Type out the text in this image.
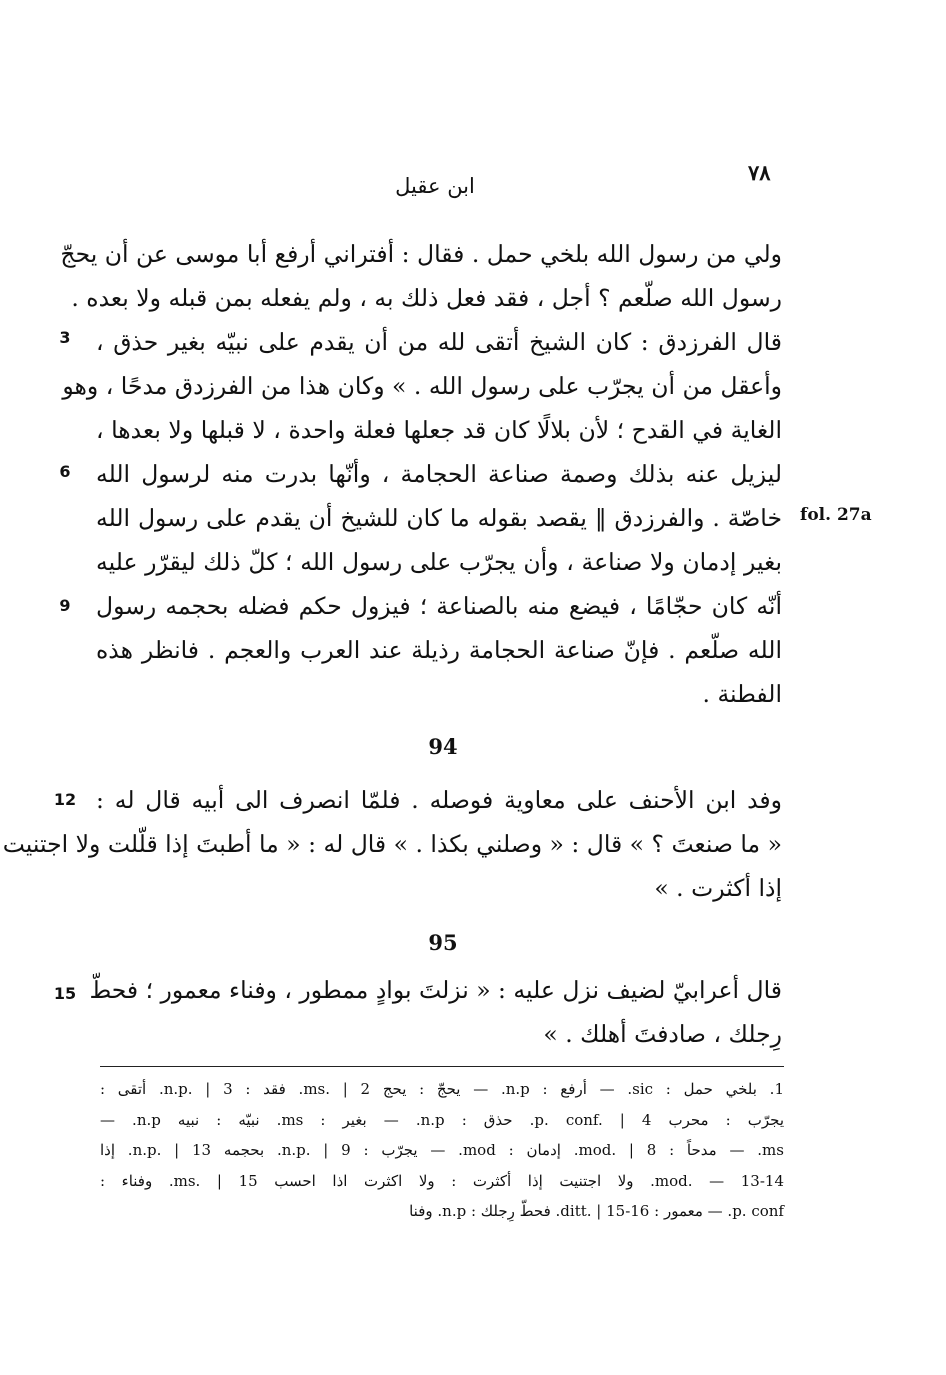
٧٨
ابن عقيل
ولي من رسول الله بلخي حمل . فقال : أفتراني أرفع أبا موسى عن أن يحجّ
رسول الله صلّعم ؟ أجل ، فقد فعل ذلك به ، ولم يفعله بمن قبله ولا بعده .
قال الفرزدق : كان الشيخ أتقى لله من أن يقدم على نبيّه بغير حذق ،
وأعقل من أن يجرّب على رسول الله . » وكان هذا من الفرزدق مدحًا ، وهو
الغاية في القدح ؛ لأن بلالًا كان قد جعلها فعلة واحدة ، لا قبلها ولا بعدها ،
ليزيل عنه بذلك وصمة صناعة الحجامة ، وأنّها بدرت منه لرسول الله
خاصّة . والفرزدق ‖ يقصد بقوله ما كان للشيخ أن يقدم على رسول الله
بغير إدمان ولا صناعة ، وأن يجرّب على رسول الله ؛ كلّ ذلك ليقرّر عليه
أنّه كان حجّامًا ، فيضع منه بالصناعة ؛ فيزول حكم فضله بحجمه رسول
الله صلّعم . فإنّ صناعة الحجامة رذيلة عند العرب والعجم . فانظر هذه
الفطنة .
3
6
9
fol. 27a
94
وفد ابن الأحنف على معاوية فوصله . فلمّا انصرف الى أبيه قال له :
« ما صنعتَ ؟ » قال : « وصلني بكذا . » قال له : « ما أطبتَ إذا قلّلت ولا اجتنيت
إذا أكثرت . »
12
95
قال أعرابيّ لضيف نزل عليه : « نزلتَ بوادٍ ممطور ، وفناء معمور ؛ فحطّ
رِجلك ، صادفتَ أهلك . »
15
1. بلخي حمل : sic. — أرفع : n.p. — يحجّ : يحج ms. | 2. فقد : n.p. | 3. أتقى :
يجرّب : محرب p. conf. | 4. حذق : n.p. — بغير : ms. نبيّه : نبيه n.p. —
ms. — مدحاً : mod. | 8. إدمان : mod. — يجرّب : n.p. | 9. بحجمه n.p. | 13. إذا
mod. — 13-14. ولا اجتنيت إذا أكثرت : ولا اكثرت اذا احسب ms. | 15. وفناء :
p. conf. — معمور : ditt. | 15-16. فحطّ رِجلك : n.p. وفنا
